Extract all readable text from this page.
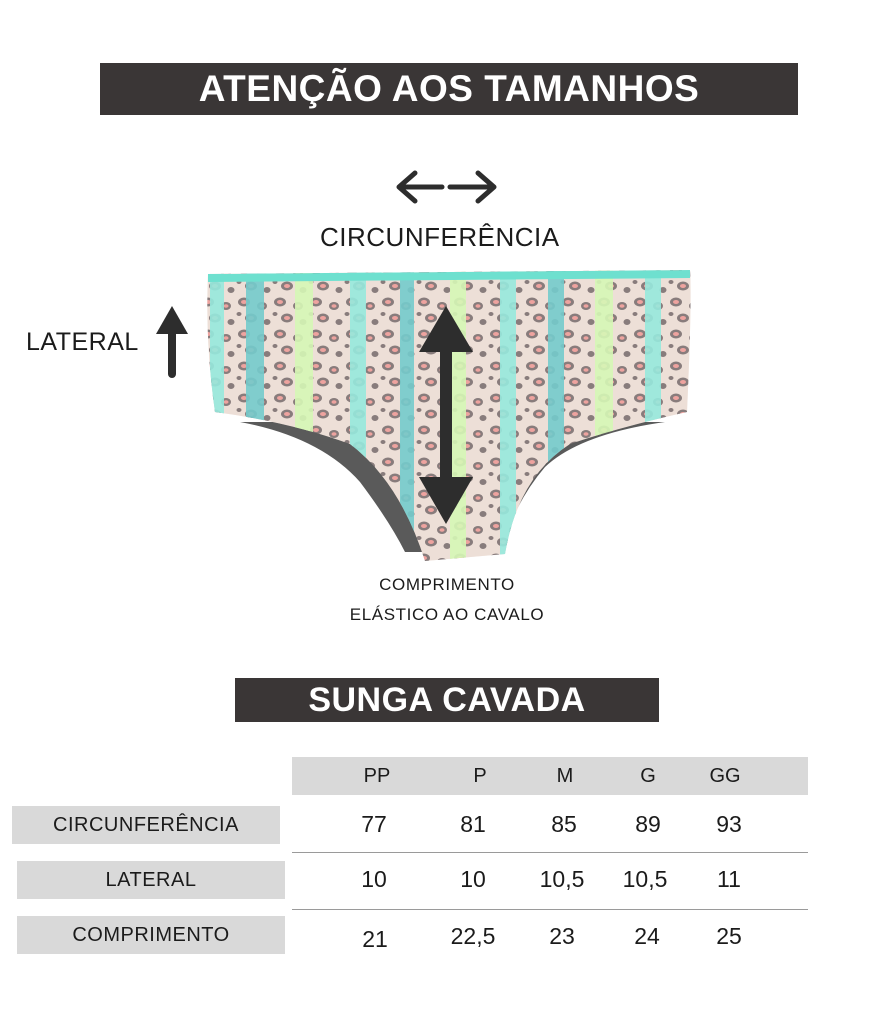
ATENÇÃO AOS TAMANHOS
CIRCUNFERÊNCIA
LATERAL
COMPRIMENTO
ELÁSTICO AO CAVALO
SUNGA CAVADA
PP	P	M	G	GG
CIRCUNFERÊNCIA	77	81	85	89	93
LATERAL	10	10	10,5	10,5	11
COMPRIMENTO	21	22,5	23	24	25
